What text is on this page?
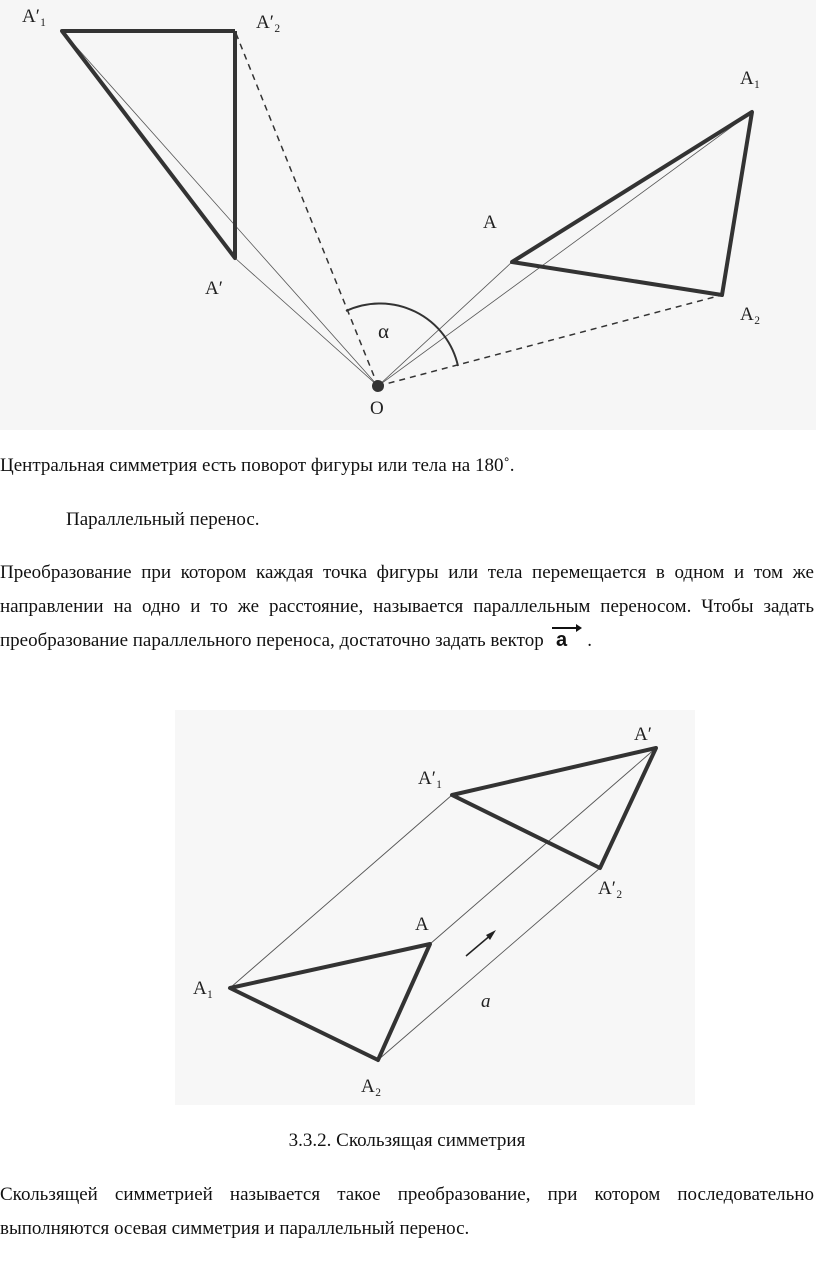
A′₁	A′₂
A′
A₁
A
A₂
α
O
Центральная симметрия есть поворот фигуры или тела на 180˚.
Параллельный перенос.
Преобразование при котором каждая точка фигуры или тела перемещается в одном и том же направлении на одно и то же расстояние, называется параллельным переносом. Чтобы задать преобразование параллельного переноса, достаточно задать вектор a .
A′
A′₁
A′₂
A
A₁
A₂
a
3.3.2. Скользящая симметрия
Скользящей симметрией называется такое преобразование, при котором последовательно выполняются осевая симметрия и параллельный перенос.
